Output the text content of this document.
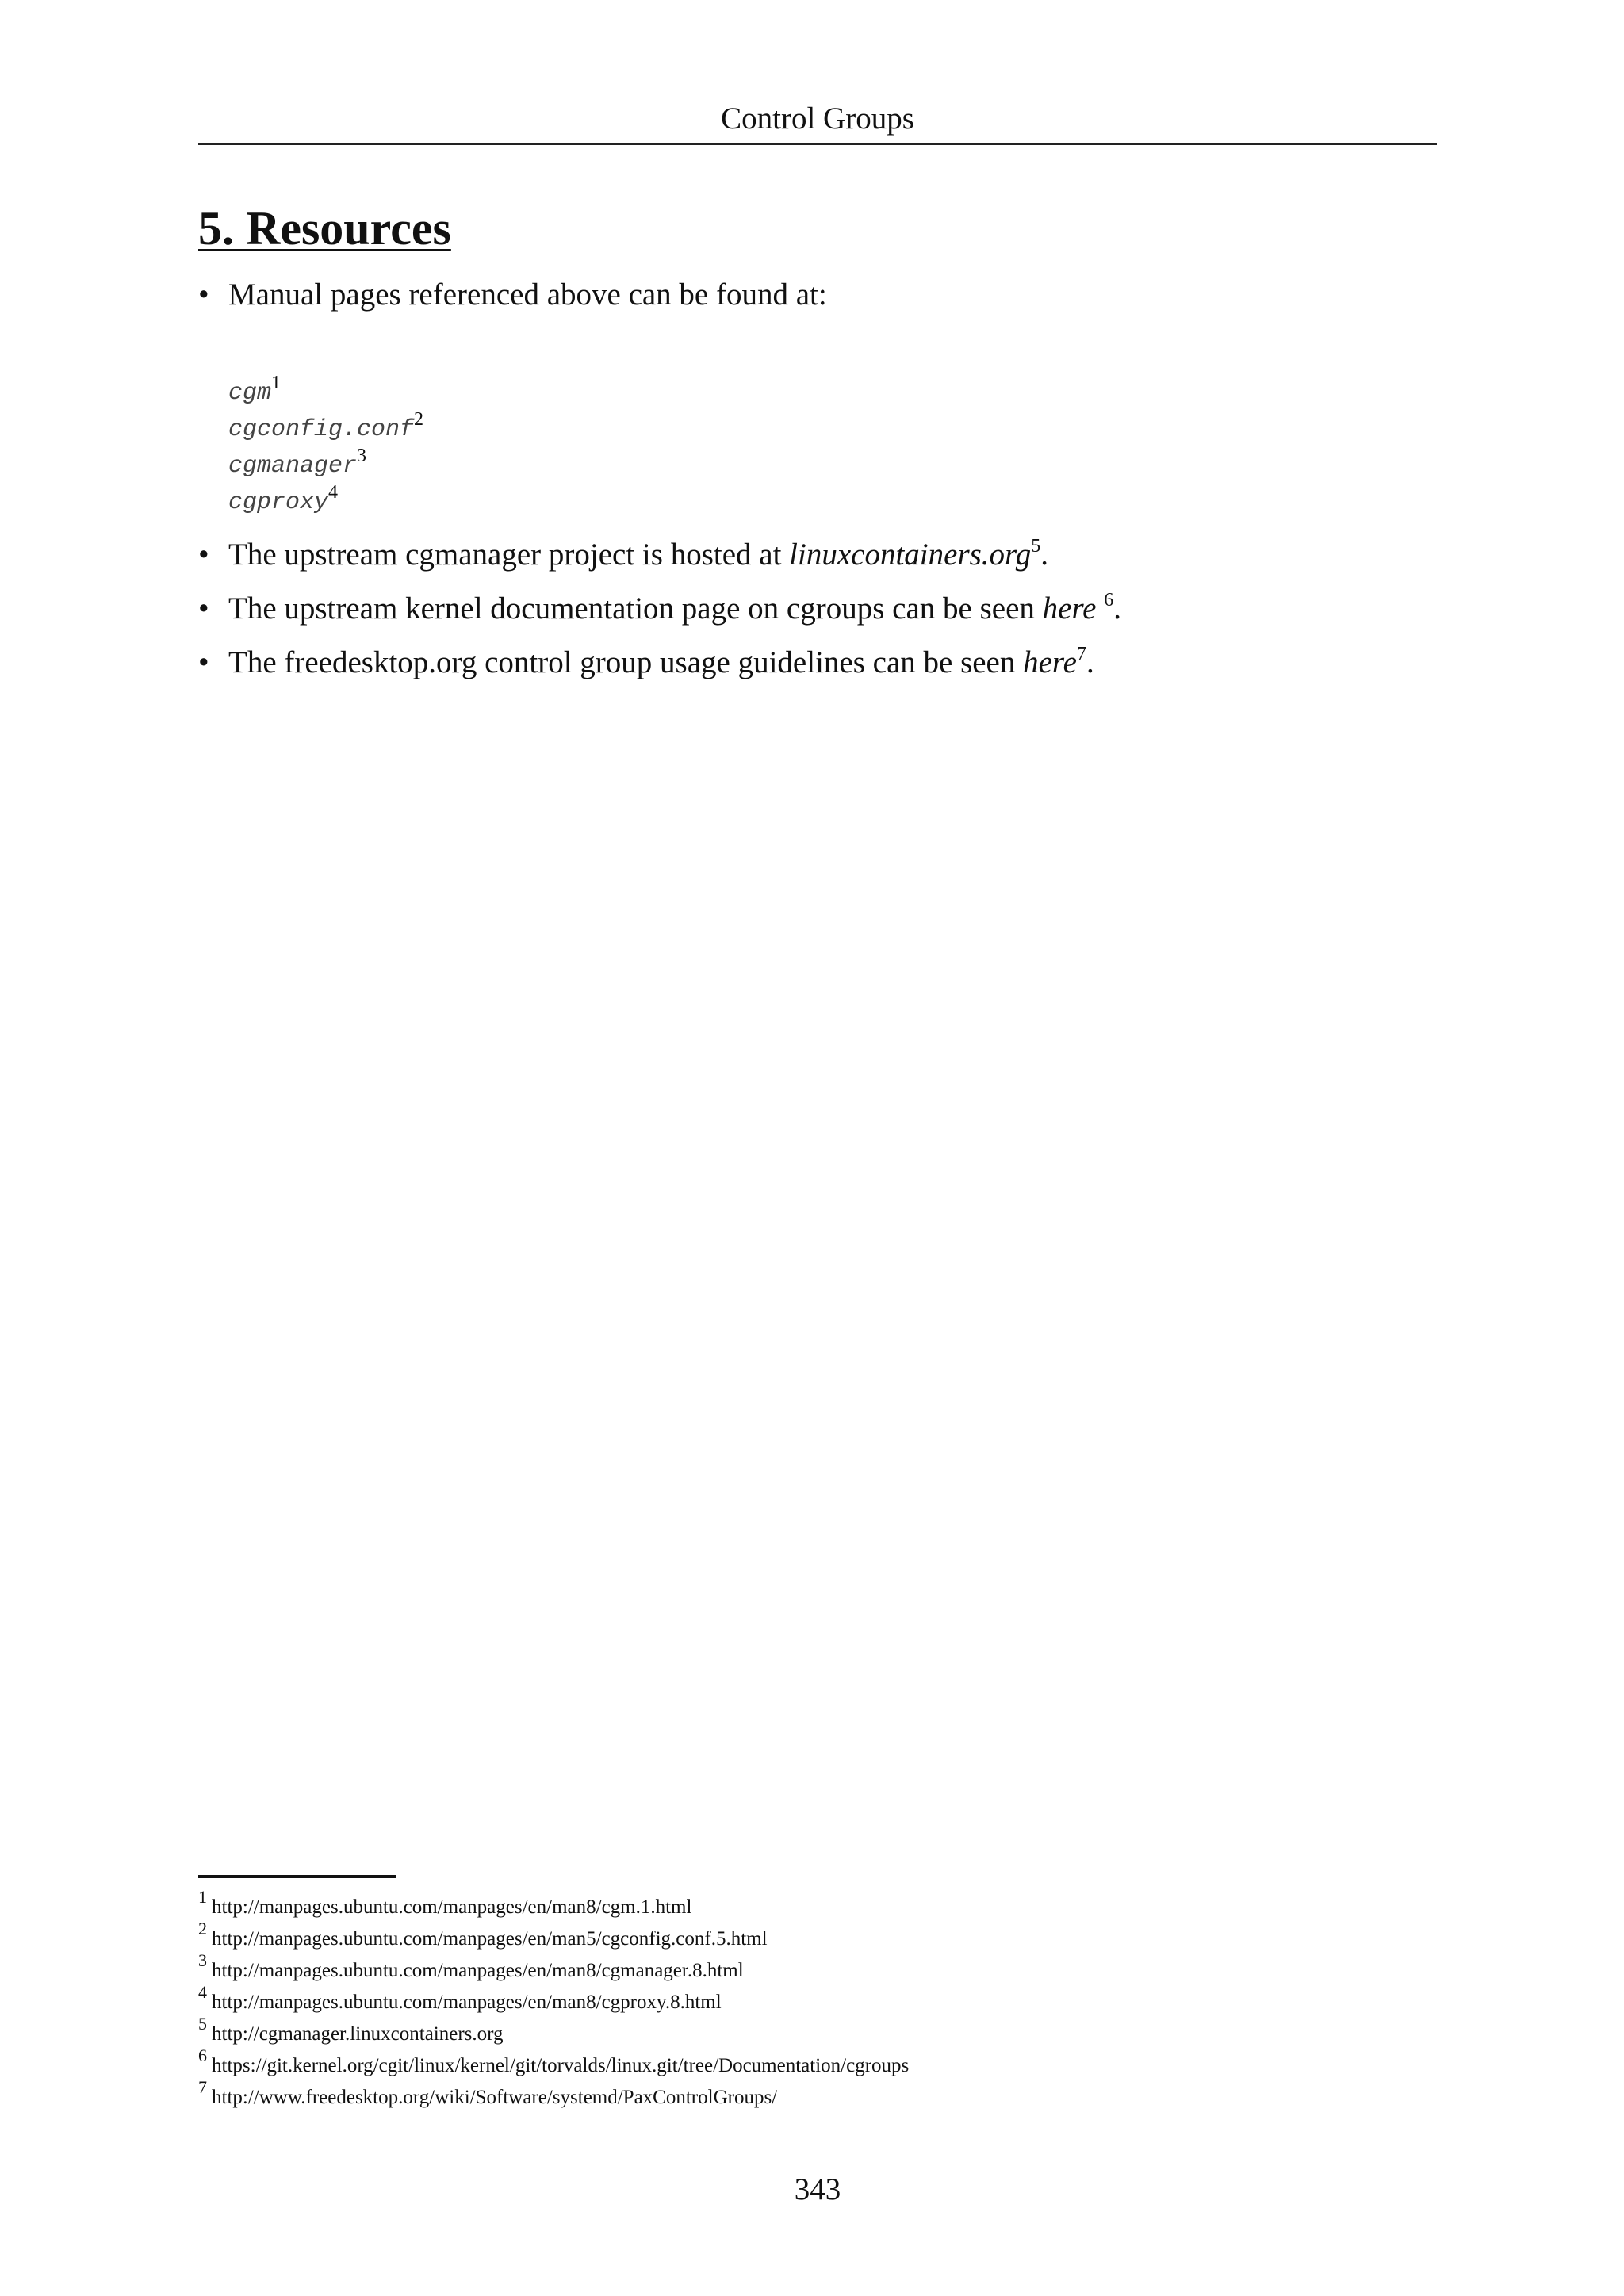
Control Groups
5. Resources
• Manual pages referenced above can be found at:
cgm$^1$
cgconfig.conf$^2$
cgmanager$^3$
cgproxy$^4$
• The upstream cgmanager project is hosted at linuxcontainers.org$^5$.
• The upstream kernel documentation page on cgroups can be seen here $^6$.
• The freedesktop.org control group usage guidelines can be seen here$^7$.
$^1$ http://manpages.ubuntu.com/manpages/en/man8/cgm.1.html
$^2$ http://manpages.ubuntu.com/manpages/en/man5/cgconfig.conf.5.html
$^3$ http://manpages.ubuntu.com/manpages/en/man8/cgmanager.8.html
$^4$ http://manpages.ubuntu.com/manpages/en/man8/cgproxy.8.html
$^5$ http://cgmanager.linuxcontainers.org
$^6$ https://git.kernel.org/cgit/linux/kernel/git/torvalds/linux.git/tree/Documentation/cgroups
$^7$ http://www.freedesktop.org/wiki/Software/systemd/PaxControlGroups/
343
